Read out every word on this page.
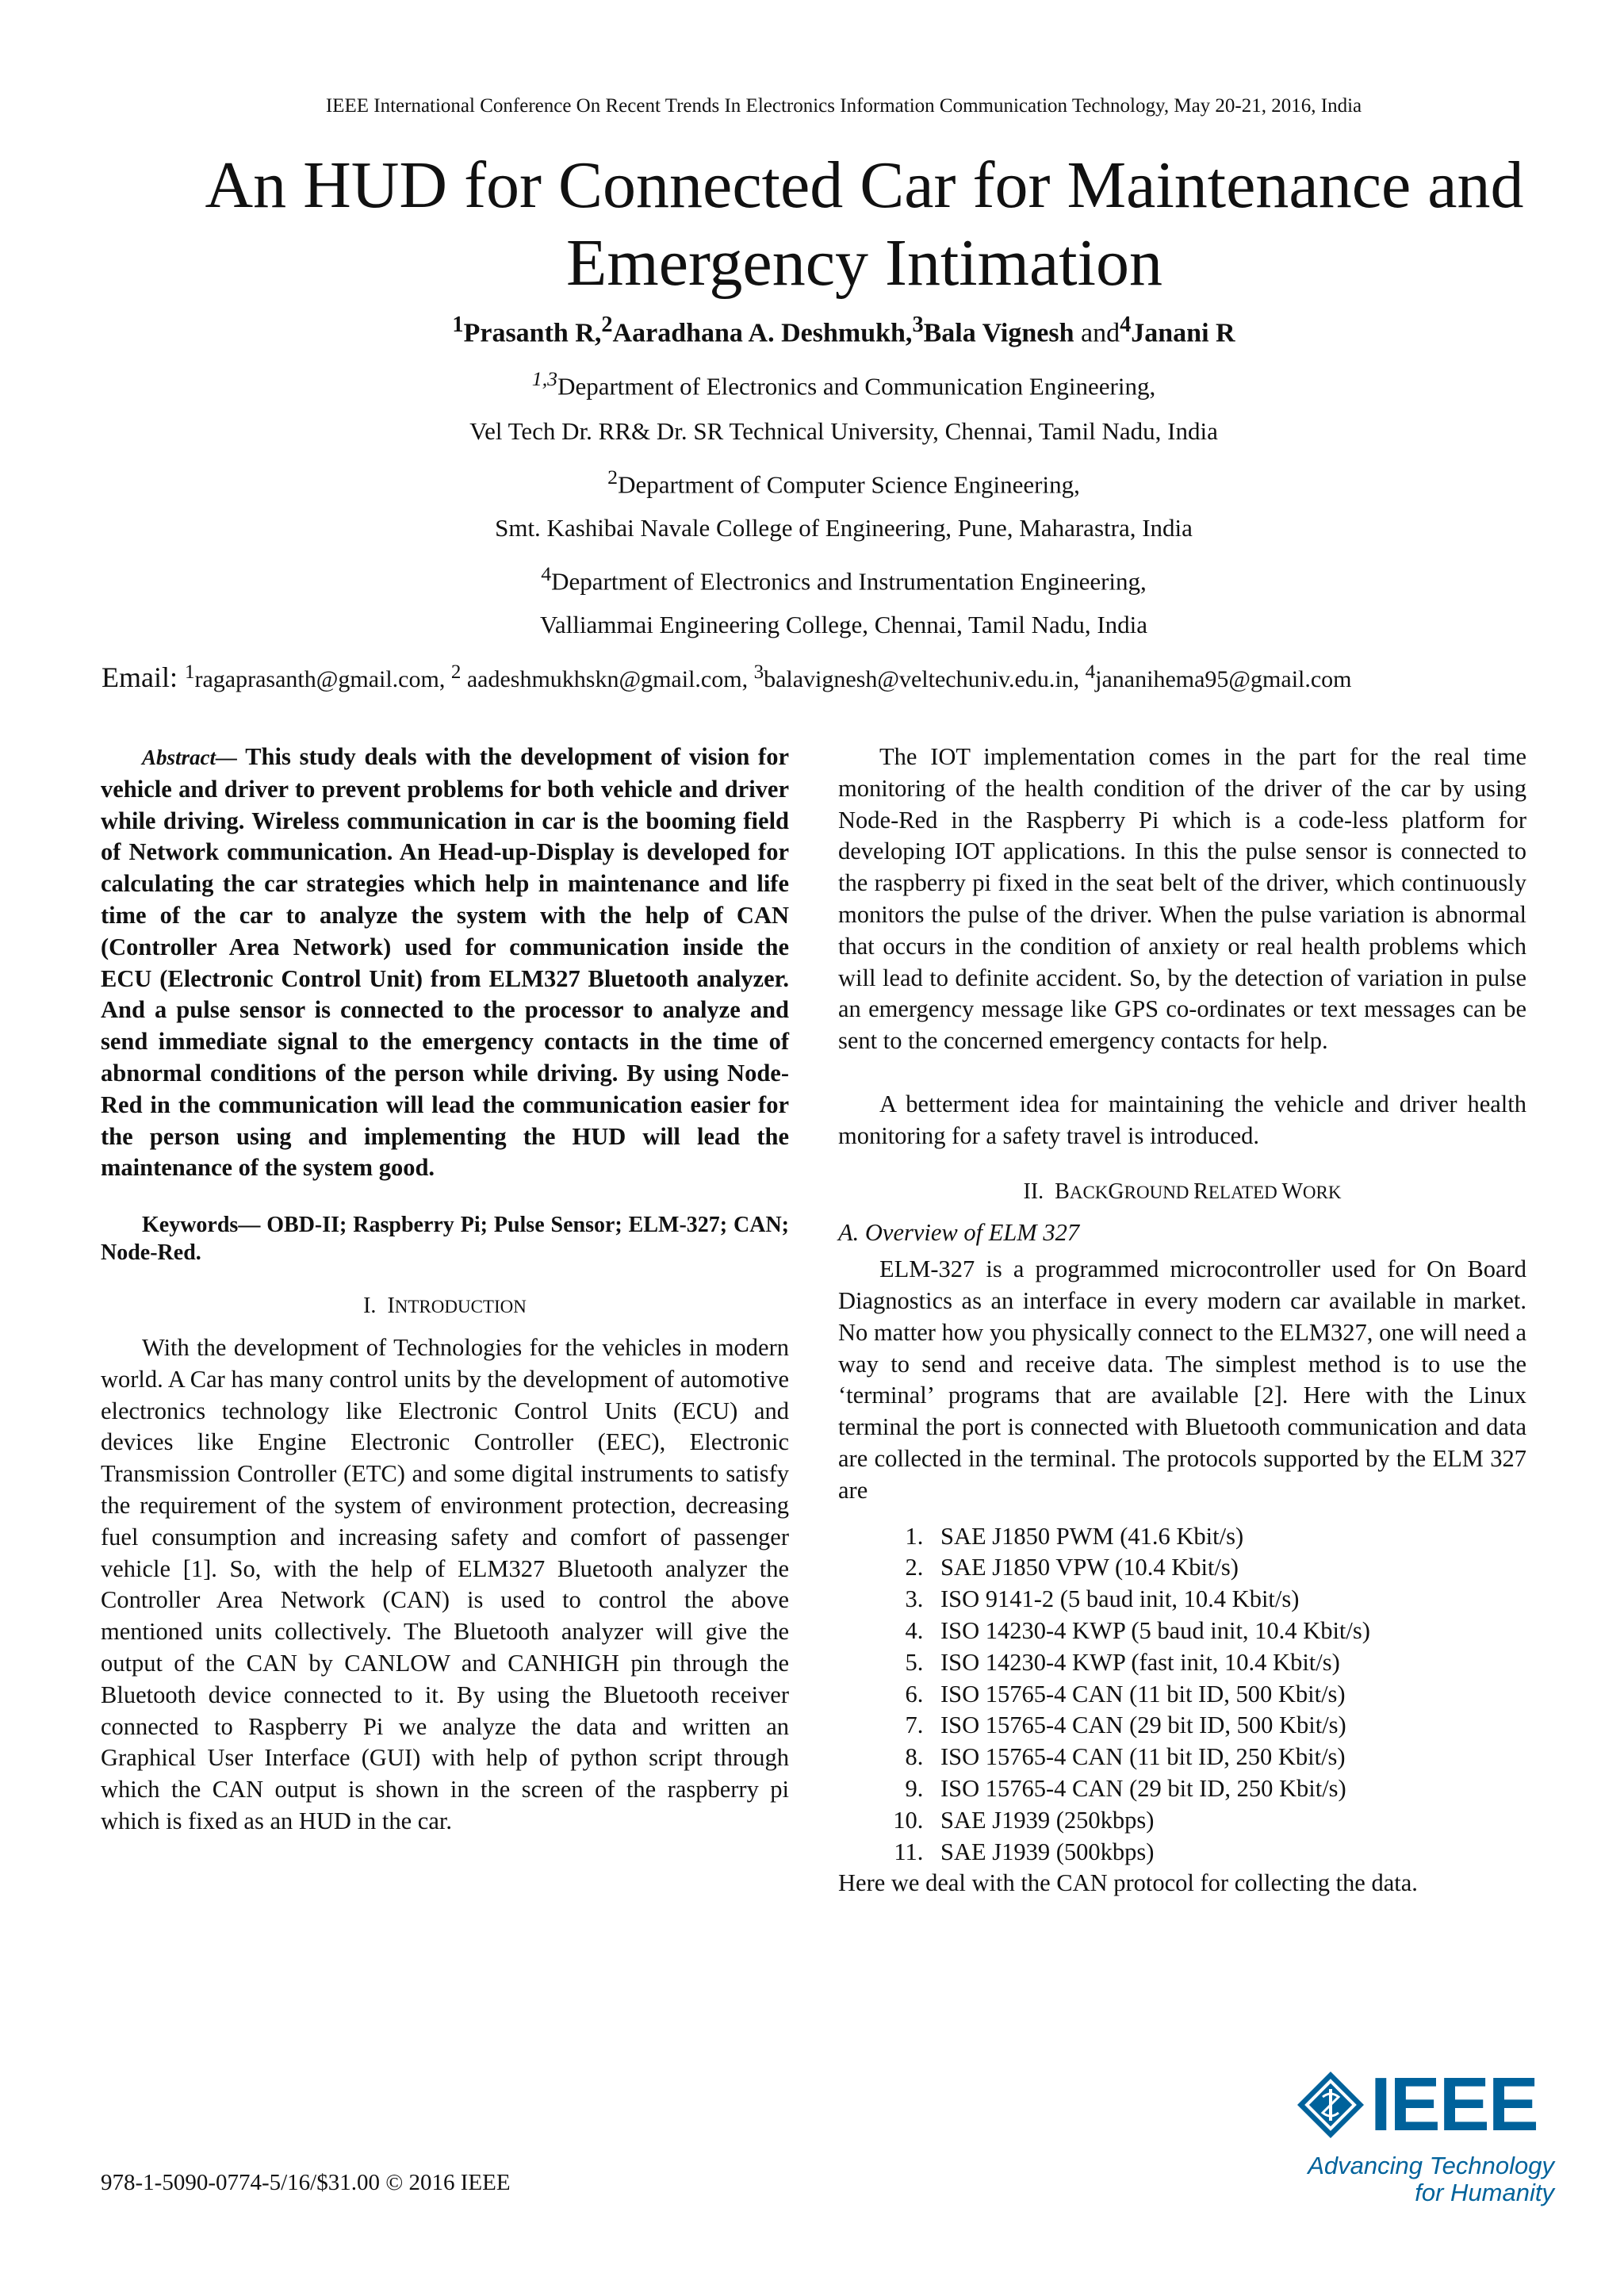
IEEE International Conference On Recent Trends In Electronics Information Communication Technology, May 20-21, 2016, India
An HUD for Connected Car for Maintenance and Emergency Intimation
$^1$Prasanth R,$^2$Aaradhana A. Deshmukh,$^3$Bala Vignesh and$^4$Janani R
$^{1,3}$Department of Electronics and Communication Engineering,
Vel Tech Dr. RR& Dr. SR Technical University, Chennai, Tamil Nadu, India
$^2$Department of Computer Science Engineering,
Smt. Kashibai Navale College of Engineering, Pune, Maharastra, India
$^4$Department of Electronics and Instrumentation Engineering,
Valliammai Engineering College, Chennai, Tamil Nadu, India
Email: $^1$ragaprasanth@gmail.com, $^2$ aadeshmukhskn@gmail.com, $^3$balavignesh@veltechuniv.edu.in, $^4$jananihema95@gmail.com

Abstract— This study deals with the development of vision for vehicle and driver to prevent problems for both vehicle and driver while driving. Wireless communication in car is the booming field of Network communication. An Head-up-Display is developed for calculating the car strategies which help in maintenance and life time of the car to analyze the system with the help of CAN (Controller Area Network) used for communication inside the ECU (Electronic Control Unit) from ELM327 Bluetooth analyzer. And a pulse sensor is connected to the processor to analyze and send immediate signal to the emergency contacts in the time of abnormal conditions of the person while driving. By using Node-Red in the communication will lead the communication easier for the person using and implementing the HUD will lead the maintenance of the system good.

Keywords— OBD-II; Raspberry Pi; Pulse Sensor; ELM-327; CAN; Node-Red.

I. INTRODUCTION

With the development of Technologies for the vehicles in modern world. A Car has many control units by the development of automotive electronics technology like Electronic Control Units (ECU) and devices like Engine Electronic Controller (EEC), Electronic Transmission Controller (ETC) and some digital instruments to satisfy the requirement of the system of environment protection, decreasing fuel consumption and increasing safety and comfort of passenger vehicle [1]. So, with the help of ELM327 Bluetooth analyzer the Controller Area Network (CAN) is used to control the above mentioned units collectively. The Bluetooth analyzer will give the output of the CAN by CANLOW and CANHIGH pin through the Bluetooth device connected to it. By using the Bluetooth receiver connected to Raspberry Pi we analyze the data and written an Graphical User Interface (GUI) with help of python script through which the CAN output is shown in the screen of the raspberry pi which is fixed as an HUD in the car.

The IOT implementation comes in the part for the real time monitoring of the health condition of the driver of the car by using Node-Red in the Raspberry Pi which is a code-less platform for developing IOT applications. In this the pulse sensor is connected to the raspberry pi fixed in the seat belt of the driver, which continuously monitors the pulse of the driver. When the pulse variation is abnormal that occurs in the condition of anxiety or real health problems which will lead to definite accident. So, by the detection of variation in pulse an emergency message like GPS co-ordinates or text messages can be sent to the concerned emergency contacts for help.

A betterment idea for maintaining the vehicle and driver health monitoring for a safety travel is introduced.

II. BACKGROUND RELATED WORK

A. Overview of ELM 327

ELM-327 is a programmed microcontroller used for On Board Diagnostics as an interface in every modern car available in market. No matter how you physically connect to the ELM327, one will need a way to send and receive data. The simplest method is to use the ‘terminal’ programs that are available [2]. Here with the Linux terminal the port is connected with Bluetooth communication and data are collected in the terminal. The protocols supported by the ELM 327 are

1. SAE J1850 PWM (41.6 Kbit/s)
2. SAE J1850 VPW (10.4 Kbit/s)
3. ISO 9141-2 (5 baud init, 10.4 Kbit/s)
4. ISO 14230-4 KWP (5 baud init, 10.4 Kbit/s)
5. ISO 14230-4 KWP (fast init, 10.4 Kbit/s)
6. ISO 15765-4 CAN (11 bit ID, 500 Kbit/s)
7. ISO 15765-4 CAN (29 bit ID, 500 Kbit/s)
8. ISO 15765-4 CAN (11 bit ID, 250 Kbit/s)
9. ISO 15765-4 CAN (29 bit ID, 250 Kbit/s)
10. SAE J1939 (250kbps)
11. SAE J1939 (500kbps)

Here we deal with the CAN protocol for collecting the data.

978-1-5090-0774-5/16/$31.00 © 2016 IEEE
IEEE
Advancing Technology
for Humanity
